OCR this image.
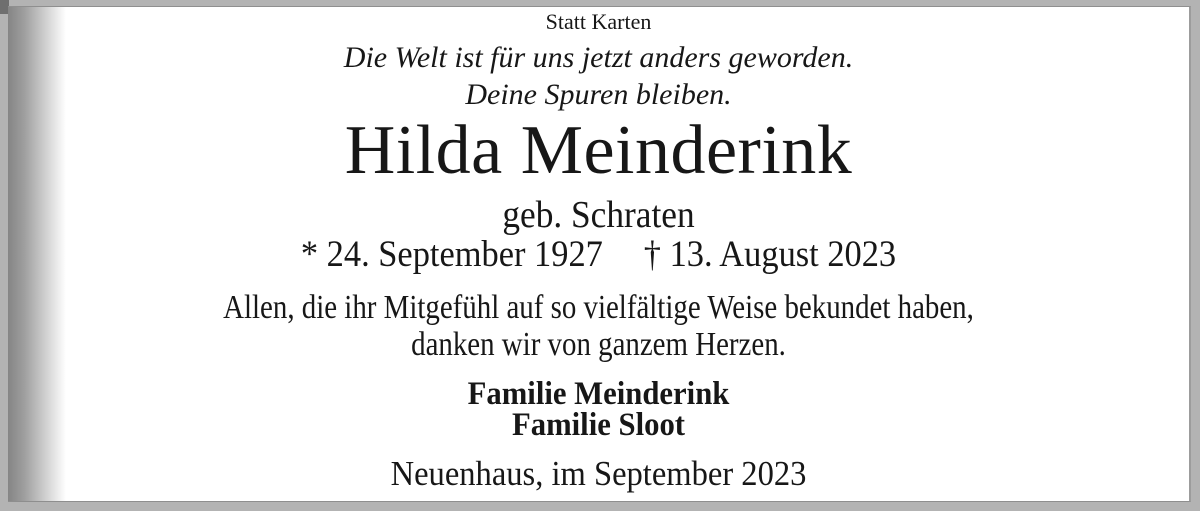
Statt Karten
Die Welt ist für uns jetzt anders geworden.
Deine Spuren bleiben.
Hilda Meinderink
geb. Schraten
* 24. September 1927 † 13. August 2023
Allen, die ihr Mitgefühl auf so vielfältige Weise bekundet haben,
danken wir von ganzem Herzen.
Familie Meinderink
Familie Sloot
Neuenhaus, im September 2023
